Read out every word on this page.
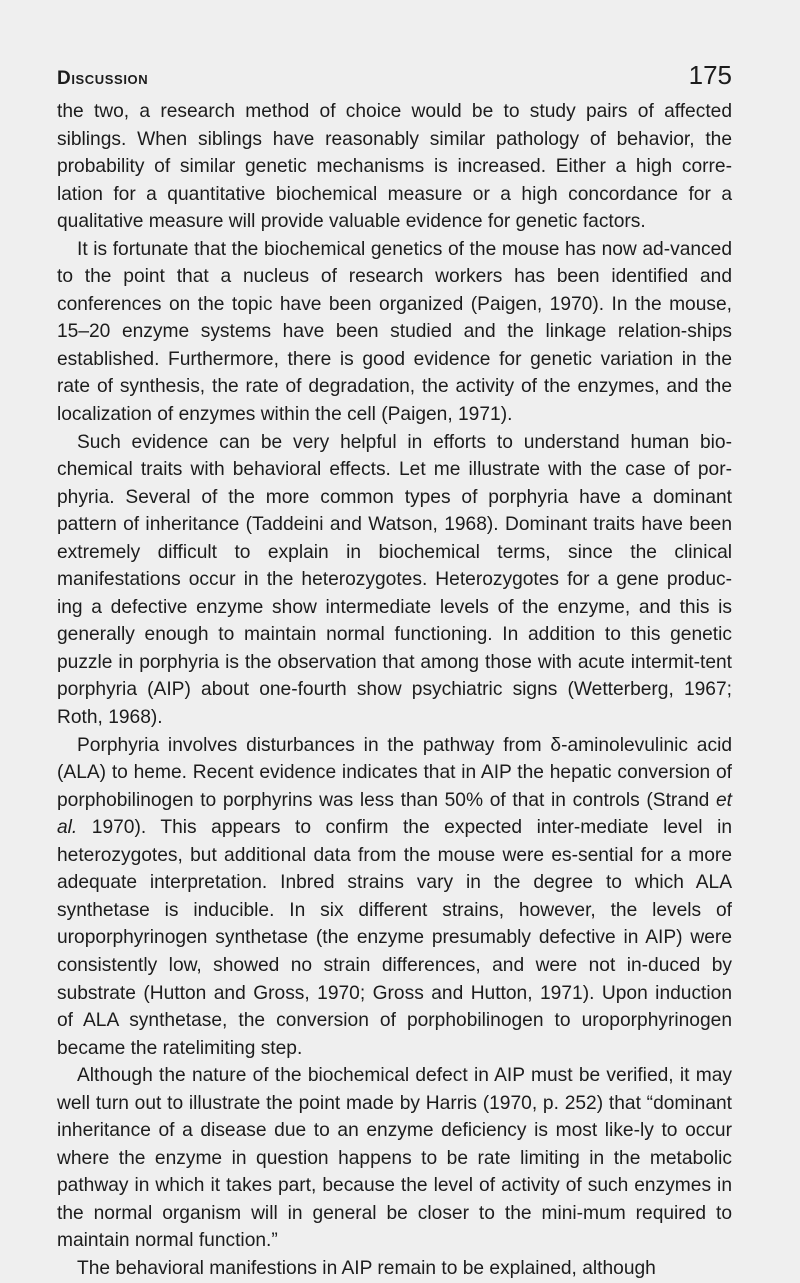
Discussion	175

the two, a research method of choice would be to study pairs of affected siblings. When siblings have reasonably similar pathology of behavior, the probability of similar genetic mechanisms is increased. Either a high corre-lation for a quantitative biochemical measure or a high concordance for a qualitative measure will provide valuable evidence for genetic factors.

It is fortunate that the biochemical genetics of the mouse has now ad-vanced to the point that a nucleus of research workers has been identified and conferences on the topic have been organized (Paigen, 1970). In the mouse, 15–20 enzyme systems have been studied and the linkage relation-ships established. Furthermore, there is good evidence for genetic variation in the rate of synthesis, the rate of degradation, the activity of the enzymes, and the localization of enzymes within the cell (Paigen, 1971).

Such evidence can be very helpful in efforts to understand human bio-chemical traits with behavioral effects. Let me illustrate with the case of por-phyria. Several of the more common types of porphyria have a dominant pattern of inheritance (Taddeini and Watson, 1968). Dominant traits have been extremely difficult to explain in biochemical terms, since the clinical manifestations occur in the heterozygotes. Heterozygotes for a gene produc-ing a defective enzyme show intermediate levels of the enzyme, and this is generally enough to maintain normal functioning. In addition to this genetic puzzle in porphyria is the observation that among those with acute intermit-tent porphyria (AIP) about one-fourth show psychiatric signs (Wetterberg, 1967; Roth, 1968).

Porphyria involves disturbances in the pathway from δ-aminolevulinic acid (ALA) to heme. Recent evidence indicates that in AIP the hepatic conversion of porphobilinogen to porphyrins was less than 50% of that in controls (Strand et al. 1970). This appears to confirm the expected inter-mediate level in heterozygotes, but additional data from the mouse were es-sential for a more adequate interpretation. Inbred strains vary in the degree to which ALA synthetase is inducible. In six different strains, however, the levels of uroporphyrinogen synthetase (the enzyme presumably defective in AIP) were consistently low, showed no strain differences, and were not in-duced by substrate (Hutton and Gross, 1970; Gross and Hutton, 1971). Upon induction of ALA synthetase, the conversion of porphobilinogen to uroporphyrinogen became the ratelimiting step.

Although the nature of the biochemical defect in AIP must be verified, it may well turn out to illustrate the point made by Harris (1970, p. 252) that “dominant inheritance of a disease due to an enzyme deficiency is most like-ly to occur where the enzyme in question happens to be rate limiting in the metabolic pathway in which it takes part, because the level of activity of such enzymes in the normal organism will in general be closer to the mini-mum required to maintain normal function.”

The behavioral manifestions in AIP remain to be explained, although
